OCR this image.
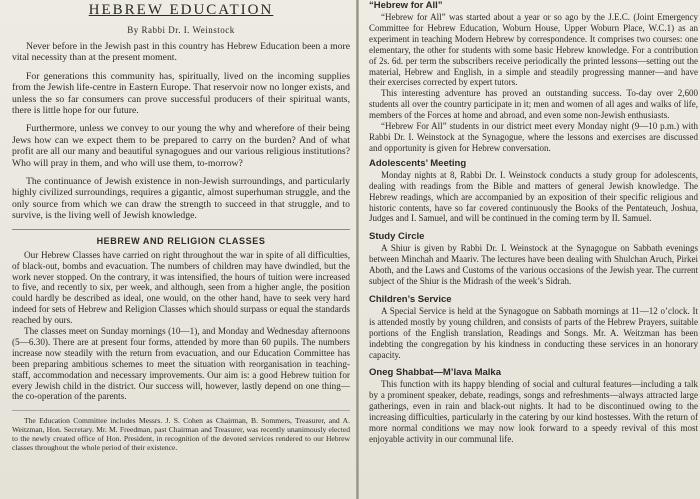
HEBREW EDUCATION
By Rabbi Dr. I. Weinstock

Never before in the Jewish past in this country has Hebrew Education been a more vital necessity than at the present moment.

For generations this community has, spiritually, lived on the incoming supplies from the Jewish life-centre in Eastern Europe. That reservoir now no longer exists, and unless the so far consumers can prove successful producers of their spiritual wants, there is little hope for our future.

Furthermore, unless we convey to our young the why and wherefore of their being Jews how can we expect them to be prepared to carry on the burden? And of what profit are all our many and beautiful synagogues and our various religious institutions? Who will pray in them, and who will use them, to-morrow?

The continuance of Jewish existence in non-Jewish surroundings, and particularly highly civilized surroundings, requires a gigantic, almost superhuman struggle, and the only source from which we can draw the strength to succeed in that struggle, and to survive, is the living well of Jewish knowledge.

HEBREW AND RELIGION CLASSES

Our Hebrew Classes have carried on right throughout the war in spite of all difficulties, of black-out, bombs and evacuation. The numbers of children may have dwindled, but the work never stopped. On the contrary, it was intensified, the hours of tuition were increased to five, and recently to six, per week, and although, seen from a higher angle, the position could hardly be described as ideal, one would, on the other hand, have to seek very hard indeed for sets of Hebrew and Religion Classes which should surpass or equal the standards reached by ours.

The classes meet on Sunday mornings (10—1), and Monday and Wednesday afternoons (5—6.30). There are at present four forms, attended by more than 60 pupils. The numbers increase now steadily with the return from evacuation, and our Education Committee has been preparing ambitious schemes to meet the situation with reorganisation in teaching-staff, accommodation and necessary improvements. Our aim is: a good Hebrew tuition for every Jewish child in the district. Our success will, however, lastly depend on one thing—the co-operation of the parents.

The Education Committee includes Messrs. J. S. Cohen as Chairman, B. Sommers, Treasurer, and A. Weitzman, Hon. Secretary. Mr. M. Freedman, past Chairman and Treasurer, was recently unanimously elected to the newly created office of Hon. President, in recognition of the devoted services rendered to our Hebrew classes throughout the whole period of their existence.

“Hebrew for All”

“Hebrew for All” was started about a year or so ago by the J.E.C. (Joint Emergency Committee for Hebrew Education, Woburn House, Upper Woburn Place, W.C.1) as an experiment in teaching Modern Hebrew by correspondence. It comprises two courses: one elementary, the other for students with some basic Hebrew knowledge. For a contribution of 2s. 6d. per term the subscribers receive periodically the printed lessons—setting out the material, Hebrew and English, in a simple and steadily progressing manner—and have their exercises corrected by expert tutors.

This interesting adventure has proved an outstanding success. To-day over 2,600 students all over the country participate in it; men and women of all ages and walks of life, members of the Forces at home and abroad, and even some non-Jewish enthusiasts.

“Hebrew For All” students in our district meet every Monday night (9—10 p.m.) with Rabbi Dr. I. Weinstock at the Synagogue, where the lessons and exercises are discussed and opportunity is given for Hebrew conversation.

Adolescents’ Meeting

Monday nights at 8, Rabbi Dr. I. Weinstock conducts a study group for adolescents, dealing with readings from the Bible and matters of general Jewish knowledge. The Hebrew readings, which are accompanied by an exposition of their specific religious and historic contents, have so far covered continuously the Books of the Pentateuch, Joshua, Judges and I. Samuel, and will be continued in the coming term by II. Samuel.

Study Circle

A Shiur is given by Rabbi Dr. I. Weinstock at the Synagogue on Sabbath evenings between Minchah and Maariv. The lectures have been dealing with Shulchan Aruch, Pirkei Aboth, and the Laws and Customs of the various occasions of the Jewish year. The current subject of the Shiur is the Midrash of the week’s Sidrah.

Children’s Service

A Special Service is held at the Synagogue on Sabbath mornings at 11—12 o’clock. It is attended mostly by young children, and consists of parts of the Hebrew Prayers, suitable portions of the English translation, Readings and Songs. Mr. A. Weitzman has been indebting the congregation by his kindness in conducting these services in an honorary capacity.

Oneg Shabbat—M’lava Malka

This function with its happy blending of social and cultural features—including a talk by a prominent speaker, debate, readings, songs and refreshments—always attracted large gatherings, even in rain and black-out nights. It had to be discontinued owing to the increasing difficulties, particularly in the catering by our kind hostesses. With the return of more normal conditions we may now look forward to a speedy revival of this most enjoyable activity in our communal life.
